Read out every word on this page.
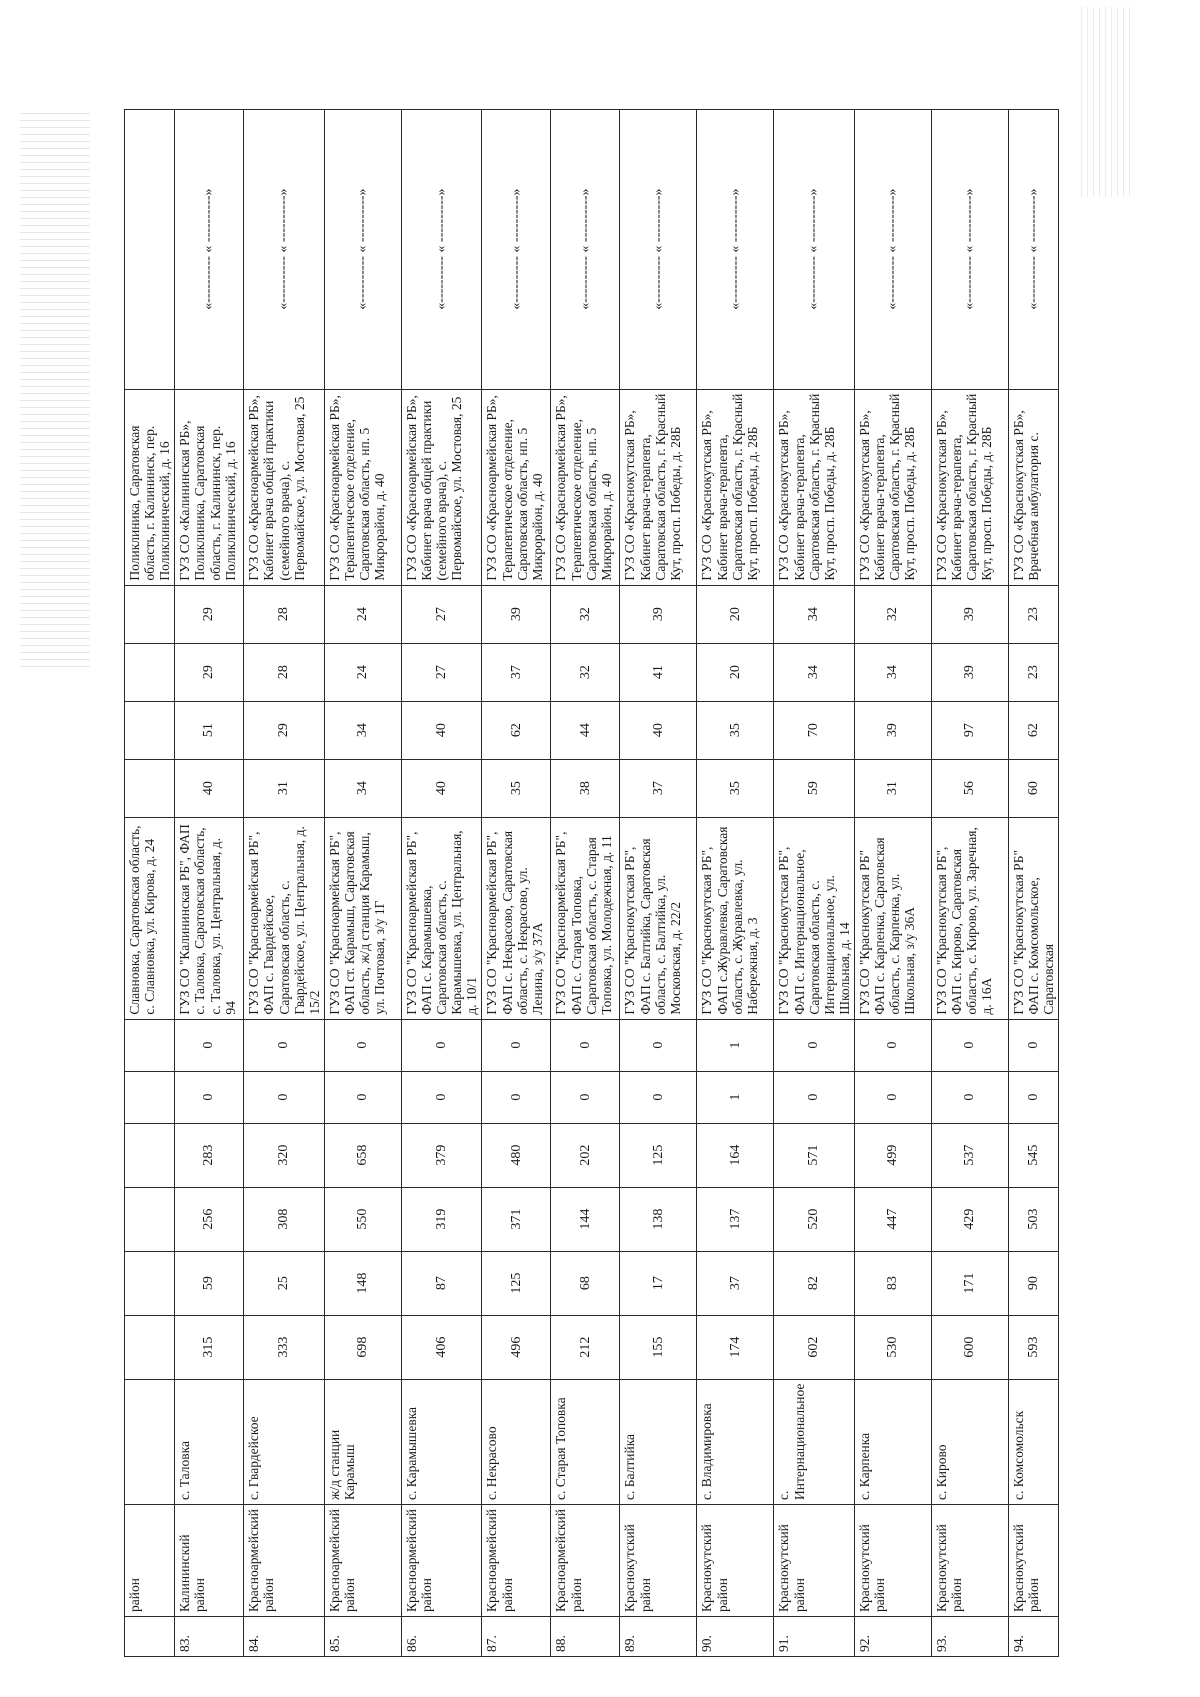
	район								Славновка, Саратовская область, с. Славновка, ул. Кирова, д. 24					Поликлиника, Саратовская область, г. Калининск, пер. Поликлинический, д. 16	
83.	Калининский район	с. Таловка	315	59	256	283	0	0	ГУЗ СО "Калининская РБ", ФАП с. Таловка, Саратовская область, с. Таловка, ул. Центральная, д. 94	40	51	29	29	ГУЗ СО «Калининская РБ», Поликлиника, Саратовская область, г. Калининск, пер. Поликлинический, д. 16	«---------- « ----------»
84.	Красноармейский район	с. Гвардейское	333	25	308	320	0	0	ГУЗ СО "Красноармейская РБ", ФАП с. Гвардейское, Саратовская область, с. Гвардейское, ул. Центральная, д. 15/2	31	29	28	28	ГУЗ СО «Красноармейская РБ», Кабинет врача общей практики (семейного врача), с. Первомайское, ул. Мостовая, 25	«---------- « ----------»
85.	Красноармейский район	ж/д станции Карамыш	698	148	550	658	0	0	ГУЗ СО "Красноармейская РБ", ФАП ст. Карамыш, Саратовская область, ж/д станция Карамыш, ул. Почтовая, з/у 1Г	34	34	24	24	ГУЗ СО «Красноармейская РБ», Терапевтическое отделение, Саратовская область, нп. 5 Микрорайон, д. 40	«---------- « ----------»
86.	Красноармейский район	с. Карамышевка	406	87	319	379	0	0	ГУЗ СО "Красноармейская РБ", ФАП с. Карамышевка, Саратовская область, с. Карамышевка, ул. Центральная, д. 10/1	40	40	27	27	ГУЗ СО «Красноармейская РБ», Кабинет врача общей практики (семейного врача), с. Первомайское, ул. Мостовая, 25	«---------- « ----------»
87.	Красноармейский район	с. Некрасово	496	125	371	480	0	0	ГУЗ СО "Красноармейская РБ", ФАП с. Некрасово, Саратовская область, с. Некрасово, ул. Ленина, з/у 37А	35	62	37	39	ГУЗ СО «Красноармейская РБ», Терапевтическое отделение, Саратовская область, нп. 5 Микрорайон, д. 40	«---------- « ----------»
88.	Красноармейский район	с. Старая Топовка	212	68	144	202	0	0	ГУЗ СО "Красноармейская РБ", ФАП с. Старая Топовка, Саратовская область, с. Старая Топовка, ул. Молодежная, д. 11	38	44	32	32	ГУЗ СО «Красноармейская РБ», Терапевтическое отделение, Саратовская область, нп. 5 Микрорайон, д. 40	«---------- « ----------»
89.	Краснокутский район	с. Балтийка	155	17	138	125	0	0	ГУЗ СО "Краснокутская РБ", ФАП с. Балтийка, Саратовская область, с. Балтийка, ул. Московская, д. 22/2	37	40	41	39	ГУЗ СО «Краснокутская РБ», Кабинет врача-терапевта, Саратовская область, г. Красный Кут, просп. Победы, д. 28Б	«---------- « ----------»
90.	Краснокутский район	с. Владимировка	174	37	137	164	1	1	ГУЗ СО "Краснокутская РБ", ФАП с.Журавлевка, Саратовская область, с. Журавлевка, ул. Набережная, д. 3	35	35	20	20	ГУЗ СО «Краснокутская РБ», Кабинет врача-терапевта, Саратовская область, г. Красный Кут, просп. Победы, д. 28Б	«---------- « ----------»
91.	Краснокутский район	с. Интернациональное	602	82	520	571	0	0	ГУЗ СО "Краснокутская РБ", ФАП с. Интернациональное, Саратовская область, с. Интернациональное, ул. Школьная, д. 14	59	70	34	34	ГУЗ СО «Краснокутская РБ», Кабинет врача-терапевта, Саратовская область, г. Красный Кут, просп. Победы, д. 28Б	«---------- « ----------»
92.	Краснокутский район	с. Карпенка	530	83	447	499	0	0	ГУЗ СО "Краснокутская РБ" ФАП с. Карпенка, Саратовская область, с. Карпенка, ул. Школьная, з/у 36А	31	39	34	32	ГУЗ СО «Краснокутская РБ», Кабинет врача-терапевта, Саратовская область, г. Красный Кут, просп. Победы, д. 28Б	«---------- « ----------»
93.	Краснокутский район	с. Кирово	600	171	429	537	0	0	ГУЗ СО "Краснокутская РБ", ФАП с. Кирово, Саратовская область, с. Кирово, ул. Заречная, д. 16А	56	97	39	39	ГУЗ СО «Краснокутская РБ», Кабинет врача-терапевта, Саратовская область, г. Красный Кут, просп. Победы, д. 28Б	«---------- « ----------»
94.	Краснокутский район	с. Комсомольск	593	90	503	545	0	0	ГУЗ СО "Краснокутская РБ" ФАП с. Комсомольское, Саратовская	60	62	23	23	ГУЗ СО «Краснокутская РБ», Врачебная амбулатория с.	«---------- « ----------»
